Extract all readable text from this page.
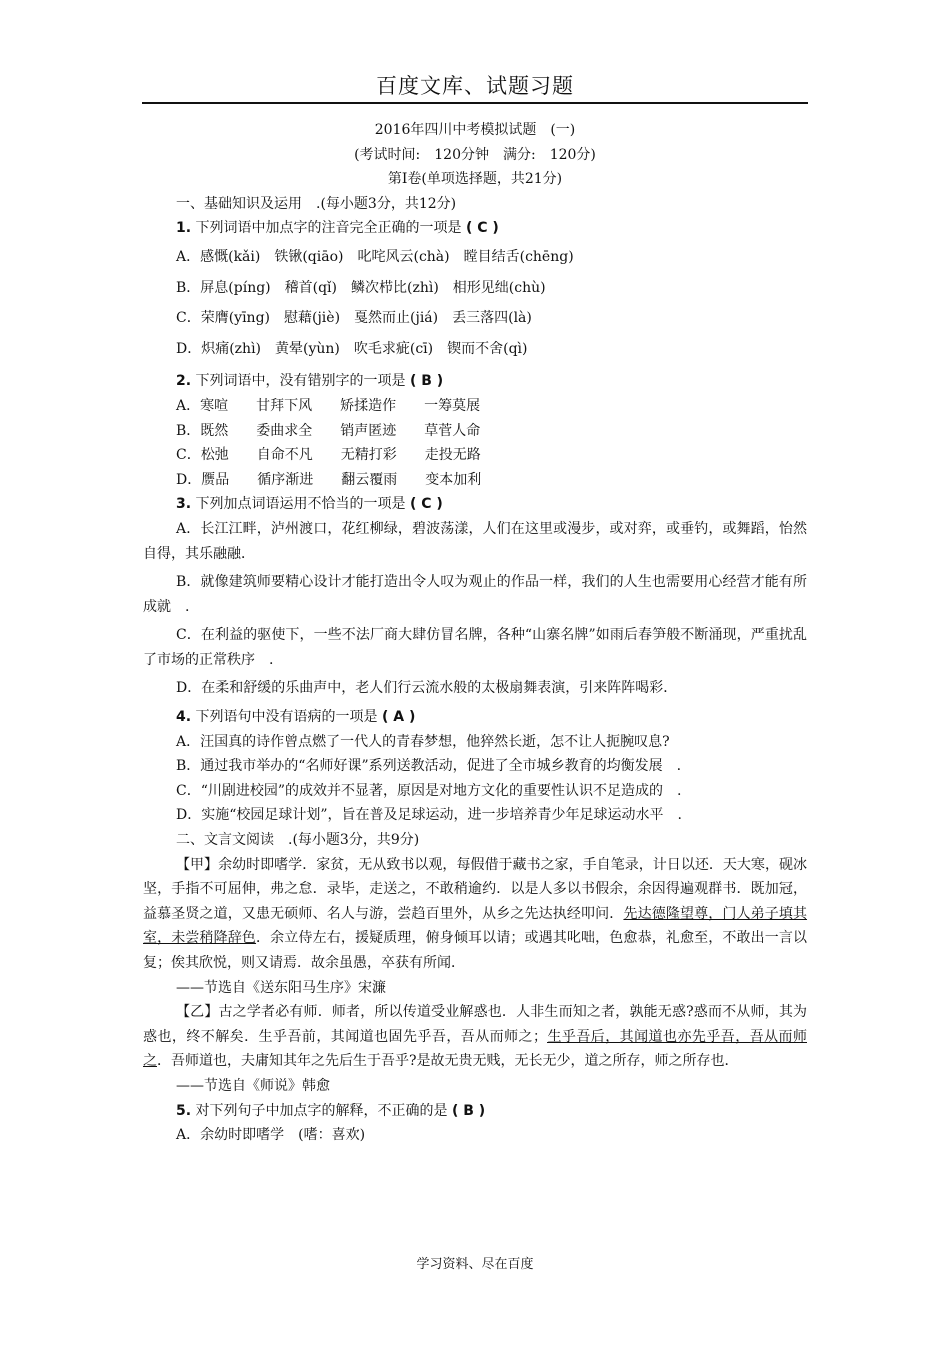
百度文库、试题习题
2016年四川中考模拟试题　(一)
(考试时间:　120分钟　满分:　120分)
第Ⅰ卷(单项选择题，共21分)
一、基础知识及运用　.(每小题3分，共12分)
1. 下列词语中加点字的注音完全正确的一项是 ( C )
A．感慨(kǎi)　铁锹(qiāo)　叱咤风云(chà)　瞠目结舌(chēng)
B．屏息(píng)　稽首(qǐ)　鳞次栉比(zhì)　相形见绌(chù)
C．荣膺(yīng)　慰藉(jiè)　戛然而止(jiá)　丢三落四(là)
D．炽痛(zhì)　黄晕(yùn)　吹毛求疵(cī)　锲而不舍(qì)
2. 下列词语中，没有错别字的一项是 ( B )
A．寒喧　　甘拜下风　　矫揉造作　　一筹莫展
B．既然　　委曲求全　　销声匿迹　　草菅人命
C．松弛　　自命不凡　　无精打彩　　走投无路
D．赝品　　循序渐进　　翻云覆雨　　变本加利
3. 下列加点词语运用不恰当的一项是 ( C )
A．长江江畔，泸州渡口，花红柳绿，碧波荡漾，人们在这里或漫步，或对弈，或垂钓，或舞蹈，怡然自得，其乐融融．
B．就像建筑师要精心设计才能打造出令人叹为观止的作品一样，我们的人生也需要用心经营才能有所成就　.
C．在利益的驱使下，一些不法厂商大肆仿冒名牌，各种“山寨名牌”如雨后春笋般不断涌现，严重扰乱了市场的正常秩序　.
D．在柔和舒缓的乐曲声中，老人们行云流水般的太极扇舞表演，引来阵阵喝彩．
4. 下列语句中没有语病的一项是 ( A )
A．汪国真的诗作曾点燃了一代人的青春梦想，他猝然长逝，怎不让人扼腕叹息?
B．通过我市举办的“名师好课”系列送教活动，促进了全市城乡教育的均衡发展　.
C．“川剧进校园”的成效并不显著，原因是对地方文化的重要性认识不足造成的　.
D．实施“校园足球计划”，旨在普及足球运动，进一步培养青少年足球运动水平　.
二、文言文阅读　.(每小题3分，共9分)
【甲】余幼时即嗜学．家贫，无从致书以观，每假借于藏书之家，手自笔录，计日以还．天大寒，砚冰坚，手指不可屈伸，弗之怠．录毕，走送之，不敢稍逾约．以是人多以书假余，余因得遍观群书．既加冠，益慕圣贤之道，又患无硕师、名人与游，尝趋百里外，从乡之先达执经叩问．先达德隆望尊，门人弟子填其室，未尝稍降辞色．余立侍左右，援疑质理，俯身倾耳以请；或遇其叱咄，色愈恭，礼愈至，不敢出一言以复；俟其欣悦，则又请焉．故余虽愚，卒获有所闻．
——节选自《送东阳马生序》宋濂
【乙】古之学者必有师．师者，所以传道受业解惑也．人非生而知之者，孰能无惑?惑而不从师，其为惑也，终不解矣．生乎吾前，其闻道也固先乎吾，吾从而师之；生乎吾后，其闻道也亦先乎吾，吾从而师之．吾师道也，夫庸知其年之先后生于吾乎?是故无贵无贱，无长无少，道之所存，师之所存也．
——节选自《师说》韩愈
5. 对下列句子中加点字的解释，不正确的是 ( B )
A．余幼时即嗜学　(嗜：喜欢)
学习资料、尽在百度
